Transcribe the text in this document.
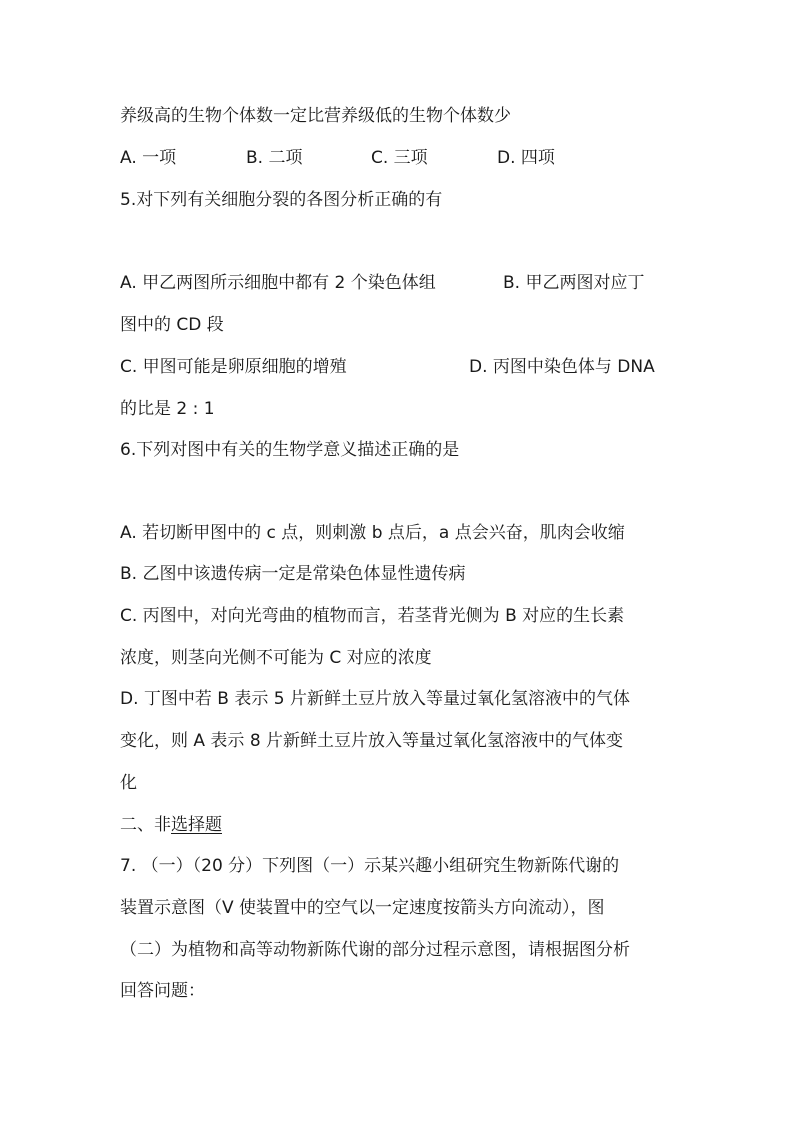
养级高的生物个体数一定比营养级低的生物个体数少
A. 一项	B. 二项	C. 三项	D. 四项
5.对下列有关细胞分裂的各图分析正确的有
A. 甲乙两图所示细胞中都有 2 个染色体组	B. 甲乙两图对应丁
图中的 CD 段
C. 甲图可能是卵原细胞的增殖	D. 丙图中染色体与 DNA
的比是 2 : 1
6.下列对图中有关的生物学意义描述正确的是
A. 若切断甲图中的 c 点，则刺激 b 点后，a 点会兴奋，肌肉会收缩
B. 乙图中该遗传病一定是常染色体显性遗传病
C. 丙图中，对向光弯曲的植物而言，若茎背光侧为 B 对应的生长素
浓度，则茎向光侧不可能为 C 对应的浓度
D. 丁图中若 B 表示 5 片新鲜土豆片放入等量过氧化氢溶液中的气体
变化，则 A 表示 8 片新鲜土豆片放入等量过氧化氢溶液中的气体变
化
二、非选择题
7. （一）（20 分）下列图（一）示某兴趣小组研究生物新陈代谢的
装置示意图（V 使装置中的空气以一定速度按箭头方向流动），图
（二）为植物和高等动物新陈代谢的部分过程示意图，请根据图分析
回答问题：
